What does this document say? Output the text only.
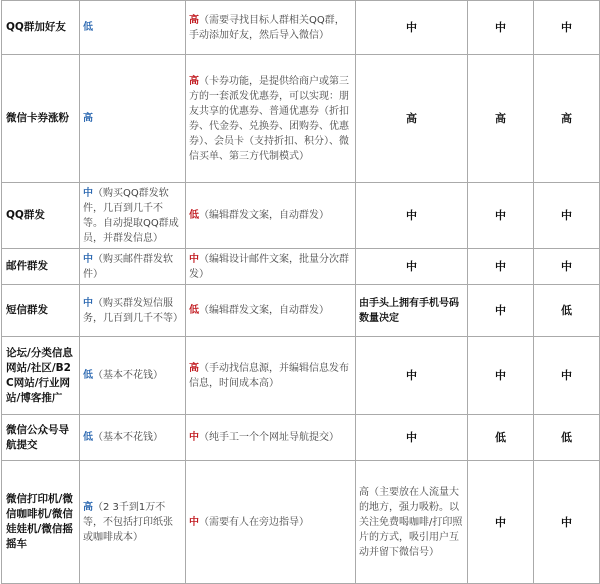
QQ群加好友	低	高（需要寻找目标人群相关QQ群，手动添加好友，然后导入微信）	中	中	中
微信卡券涨粉	高	高（卡券功能，是提供给商户或第三方的一套派发优惠券，可以实现：朋友共享的优惠券、普通优惠券（折扣券、代金券、兑换券、团购券、优惠券）、会员卡（支持折扣、积分）、微信买单、第三方代制模式）	高	高	高
QQ群发	中（购买QQ群发软件，几百到几千不等。自动提取QQ群成员，并群发信息）	低（编辑群发文案，自动群发）	中	中	中
邮件群发	中（购买邮件群发软件）	中（编辑设计邮件文案，批量分次群发）	中	中	中
短信群发	中（购买群发短信服务，几百到几千不等）	低（编辑群发文案，自动群发）	由手头上拥有手机号码数量决定	中	低
论坛/分类信息网站/社区/B2C网站/行业网站/博客推广	低（基本不花钱）	高（手动找信息源，并编辑信息发布信息，时间成本高）	中	中	中
微信公众号导航提交	低（基本不花钱）	中（纯手工一个个网址导航提交）	中	低	低
微信打印机/微信咖啡机/微信娃娃机/微信摇摇车	高（2 3千到1万不等，不包括打印纸张或咖啡成本）	中（需要有人在旁边指导）	高（主要放在人流量大的地方，强力吸粉。以关注免费喝咖啡/打印照片的方式，吸引用户互动并留下微信号）	中	中
